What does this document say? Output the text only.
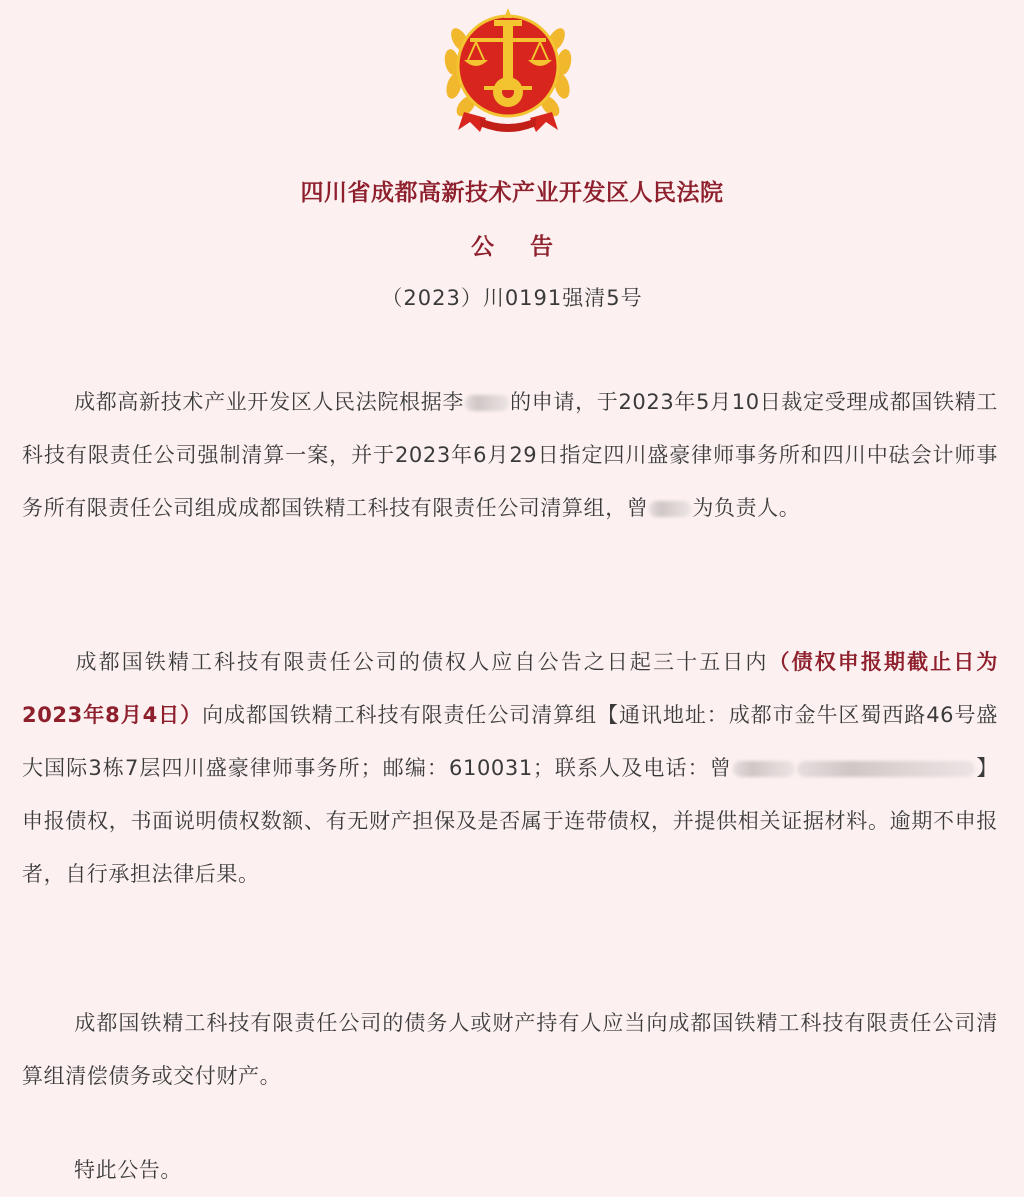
四川省成都高新技术产业开发区人民法院
公告
（2023）川0191强清5号
成都高新技术产业开发区人民法院根据李 的申请，于2023年5月10日裁定受理成都国铁精工科技有限责任公司强制清算一案，并于2023年6月29日指定四川盛豪律师事务所和四川中砝会计师事务所有限责任公司组成成都国铁精工科技有限责任公司清算组，曾 为负责人。
成都国铁精工科技有限责任公司的债权人应自公告之日起三十五日内（债权申报期截止日为2023年8月4日）向成都国铁精工科技有限责任公司清算组【通讯地址：成都市金牛区蜀西路46号盛大国际3栋7层四川盛豪律师事务所；邮编：610031；联系人及电话：曾	】申报债权，书面说明债权数额、有无财产担保及是否属于连带债权，并提供相关证据材料。逾期不申报者，自行承担法律后果。
成都国铁精工科技有限责任公司的债务人或财产持有人应当向成都国铁精工科技有限责任公司清算组清偿债务或交付财产。
特此公告。
